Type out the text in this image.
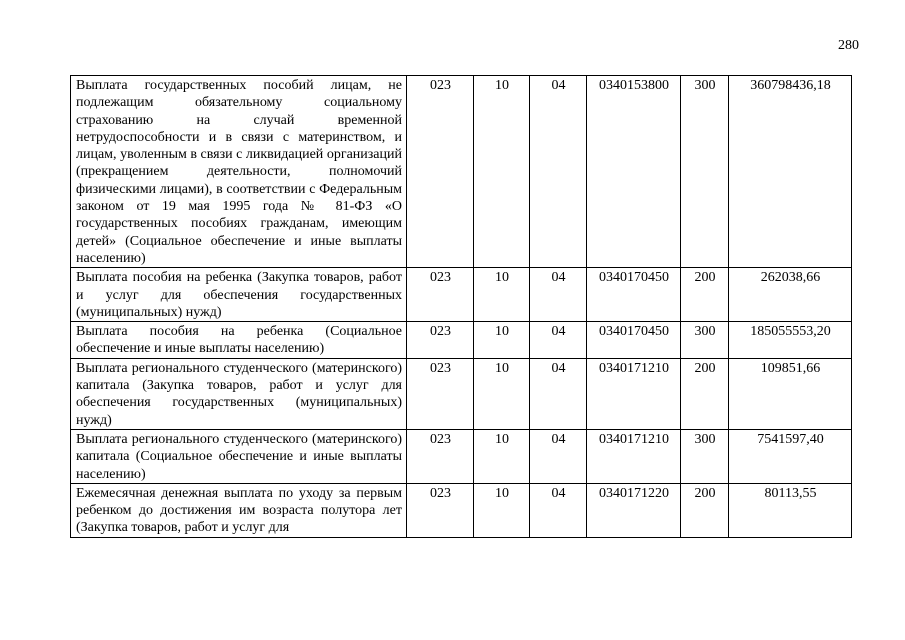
280
Выплата государственных пособий лицам, не подлежащим обязательному социальному страхованию на случай временной нетрудоспособности и в связи с материнством, и лицам, уволенным в связи с ликвидацией организаций (прекращением деятельности, полномочий физическими лицами), в соответствии с Федеральным законом от 19 мая 1995 года № 81-ФЗ «О государственных пособиях гражданам, имеющим детей» (Социальное обеспечение и иные выплаты населению)	023	10	04	0340153800	300	360798436,18
Выплата пособия на ребенка (Закупка товаров, работ и услуг для обеспечения государственных (муниципальных) нужд)	023	10	04	0340170450	200	262038,66
Выплата пособия на ребенка (Социальное обеспечение и иные выплаты населению)	023	10	04	0340170450	300	185055553,20
Выплата регионального студенческого (материнского) капитала (Закупка товаров, работ и услуг для обеспечения государственных (муниципальных) нужд)	023	10	04	0340171210	200	109851,66
Выплата регионального студенческого (материнского) капитала (Социальное обеспечение и иные выплаты населению)	023	10	04	0340171210	300	7541597,40
Ежемесячная денежная выплата по уходу за первым ребенком до достижения им возраста полутора лет (Закупка товаров, работ и услуг для	023	10	04	0340171220	200	80113,55
